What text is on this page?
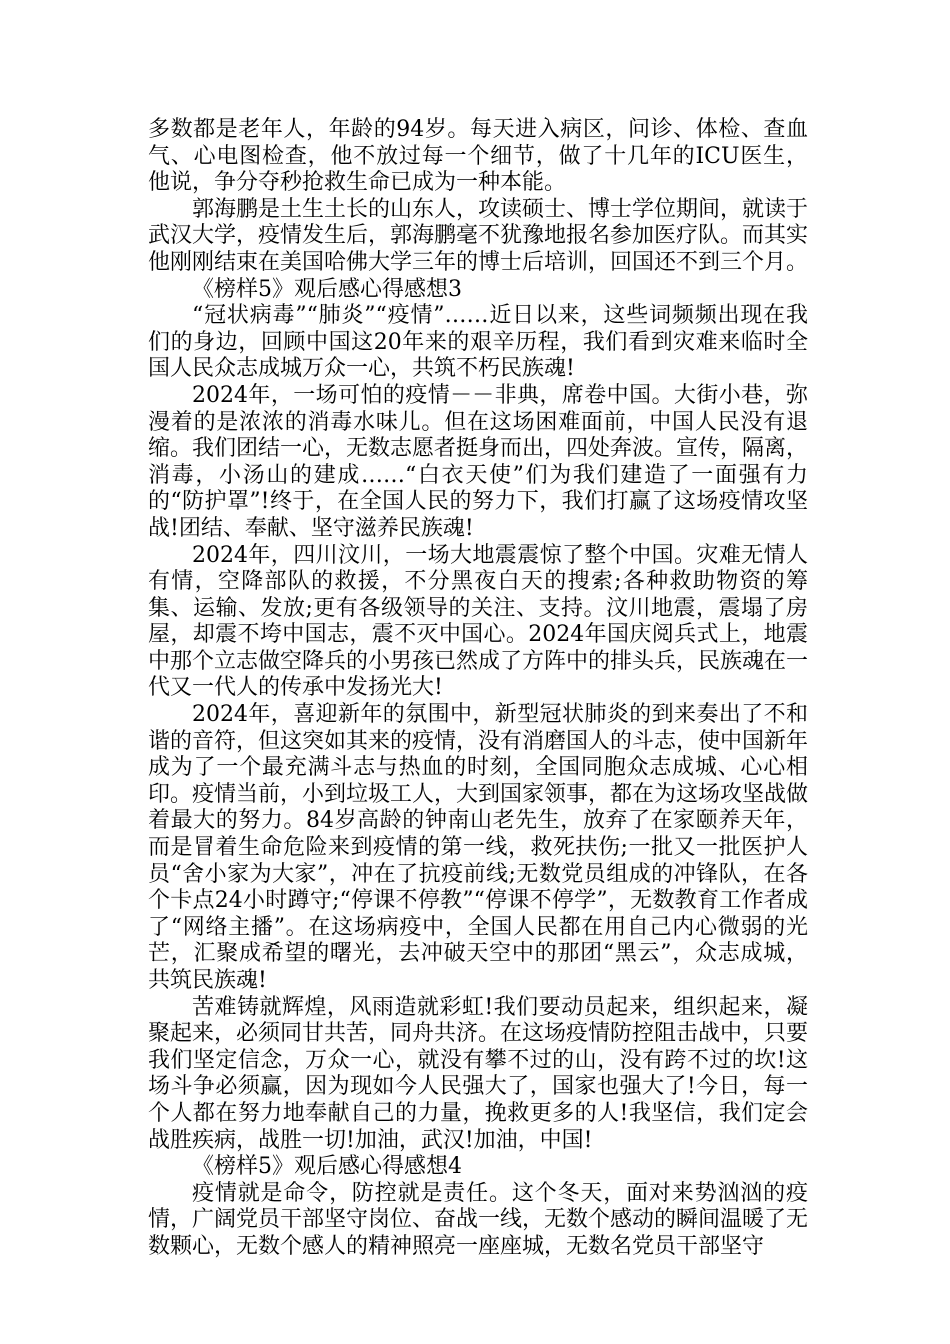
多数都是老年人，年龄的94岁。每天进入病区，问诊、体检、查血气、心电图检查，他不放过每一个细节，做了十几年的ICU医生，他说，争分夺秒抢救生命已成为一种本能。

郭海鹏是土生土长的山东人，攻读硕士、博士学位期间，就读于武汉大学，疫情发生后，郭海鹏毫不犹豫地报名参加医疗队。而其实他刚刚结束在美国哈佛大学三年的博士后培训，回国还不到三个月。

《榜样5》观后感心得感想3

“冠状病毒”“肺炎”“疫情”……近日以来，这些词频频出现在我们的身边，回顾中国这20年来的艰辛历程，我们看到灾难来临时全国人民众志成城万众一心，共筑不朽民族魂!

2024年，一场可怕的疫情－－非典，席卷中国。大街小巷，弥漫着的是浓浓的消毒水味儿。但在这场困难面前，中国人民没有退缩。我们团结一心，无数志愿者挺身而出，四处奔波。宣传，隔离，消毒，小汤山的建成……“白衣天使”们为我们建造了一面强有力的“防护罩”!终于，在全国人民的努力下，我们打赢了这场疫情攻坚战!团结、奉献、坚守滋养民族魂!

2024年，四川汶川，一场大地震震惊了整个中国。灾难无情人有情，空降部队的救援，不分黑夜白天的搜索;各种救助物资的筹集、运输、发放;更有各级领导的关注、支持。汶川地震，震塌了房屋，却震不垮中国志，震不灭中国心。2024年国庆阅兵式上，地震中那个立志做空降兵的小男孩已然成了方阵中的排头兵，民族魂在一代又一代人的传承中发扬光大!

2024年，喜迎新年的氛围中，新型冠状肺炎的到来奏出了不和谐的音符，但这突如其来的疫情，没有消磨国人的斗志，使中国新年成为了一个最充满斗志与热血的时刻，全国同胞众志成城、心心相印。疫情当前，小到垃圾工人，大到国家领事，都在为这场攻坚战做着最大的努力。84岁高龄的钟南山老先生，放弃了在家颐养天年，而是冒着生命危险来到疫情的第一线，救死扶伤;一批又一批医护人员“舍小家为大家”，冲在了抗疫前线;无数党员组成的冲锋队，在各个卡点24小时蹲守;“停课不停教”“停课不停学”，无数教育工作者成了“网络主播”。在这场病疫中，全国人民都在用自己内心微弱的光芒，汇聚成希望的曙光，去冲破天空中的那团“黑云”，众志成城，共筑民族魂!

苦难铸就辉煌，风雨造就彩虹!我们要动员起来，组织起来，凝聚起来，必须同甘共苦，同舟共济。在这场疫情防控阻击战中，只要我们坚定信念，万众一心，就没有攀不过的山，没有跨不过的坎!这场斗争必须赢，因为现如今人民强大了，国家也强大了!今日，每一个人都在努力地奉献自己的力量，挽救更多的人!我坚信，我们定会战胜疾病，战胜一切!加油，武汉!加油，中国!

《榜样5》观后感心得感想4

疫情就是命令，防控就是责任。这个冬天，面对来势汹汹的疫情，广阔党员干部坚守岗位、奋战一线，无数个感动的瞬间温暖了无数颗心，无数个感人的精神照亮一座座城，无数名党员干部坚守
